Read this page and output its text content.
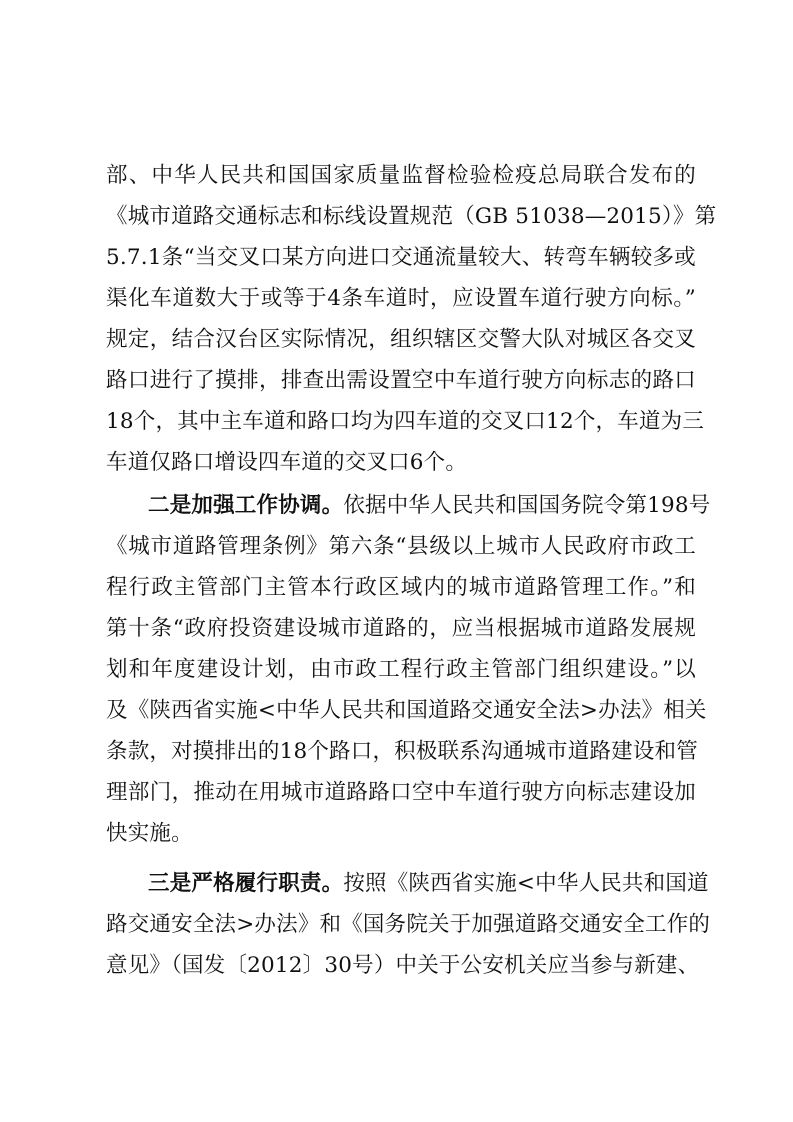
部、中华人民共和国国家质量监督检验检疫总局联合发布的
《城市道路交通标志和标线设置规范（GB 51038—2015）》第
5.7.1条“当交叉口某方向进口交通流量较大、转弯车辆较多或
渠化车道数大于或等于4条车道时，应设置车道行驶方向标。”
规定，结合汉台区实际情况，组织辖区交警大队对城区各交叉
路口进行了摸排，排查出需设置空中车道行驶方向标志的路口
18个，其中主车道和路口均为四车道的交叉口12个，车道为三
车道仅路口增设四车道的交叉口6个。
二是加强工作协调。依据中华人民共和国国务院令第198号
《城市道路管理条例》第六条“县级以上城市人民政府市政工
程行政主管部门主管本行政区域内的城市道路管理工作。”和
第十条“政府投资建设城市道路的，应当根据城市道路发展规
划和年度建设计划，由市政工程行政主管部门组织建设。”以
及《陕西省实施<中华人民共和国道路交通安全法>办法》相关
条款，对摸排出的18个路口，积极联系沟通城市道路建设和管
理部门，推动在用城市道路路口空中车道行驶方向标志建设加
快实施。
三是严格履行职责。按照《陕西省实施<中华人民共和国道
路交通安全法>办法》和《国务院关于加强道路交通安全工作的
意见》（国发〔2012〕30号）中关于公安机关应当参与新建、
